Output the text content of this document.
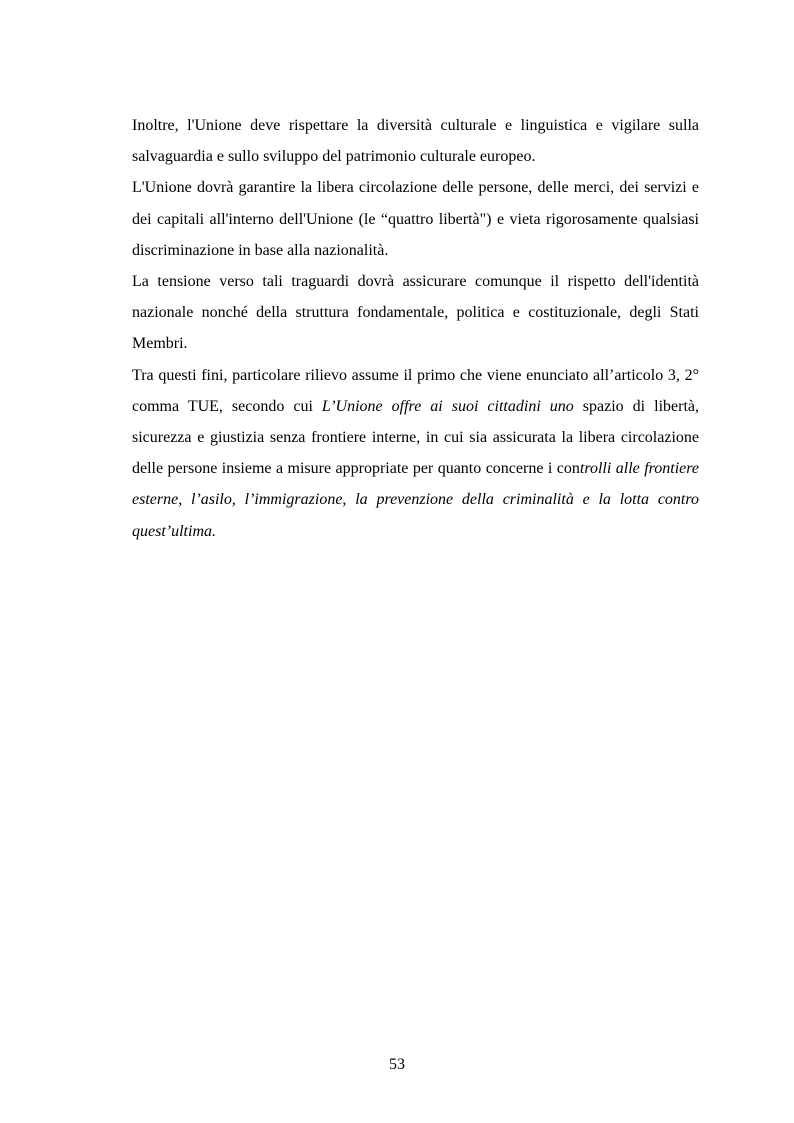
Inoltre, l'Unione deve rispettare la diversità culturale e linguistica e vigilare sulla salvaguardia e sullo sviluppo del patrimonio culturale europeo.

L'Unione dovrà garantire la libera circolazione delle persone, delle merci, dei servizi e dei capitali all'interno dell'Unione (le “quattro libertà") e vieta rigorosamente qualsiasi discriminazione in base alla nazionalità.

La tensione verso tali traguardi dovrà assicurare comunque il rispetto dell'identità nazionale nonché della struttura fondamentale, politica e costituzionale, degli Stati Membri.

Tra questi fini, particolare rilievo assume il primo che viene enunciato all’articolo 3, 2° comma TUE, secondo cui L’Unione offre ai suoi cittadini uno spazio di libertà, sicurezza e giustizia senza frontiere interne, in cui sia assicurata la libera circolazione delle persone insieme a misure appropriate per quanto concerne i controlli alle frontiere esterne, l’asilo, l’immigrazione, la prevenzione della criminalità e la lotta contro quest’ultima.

53
